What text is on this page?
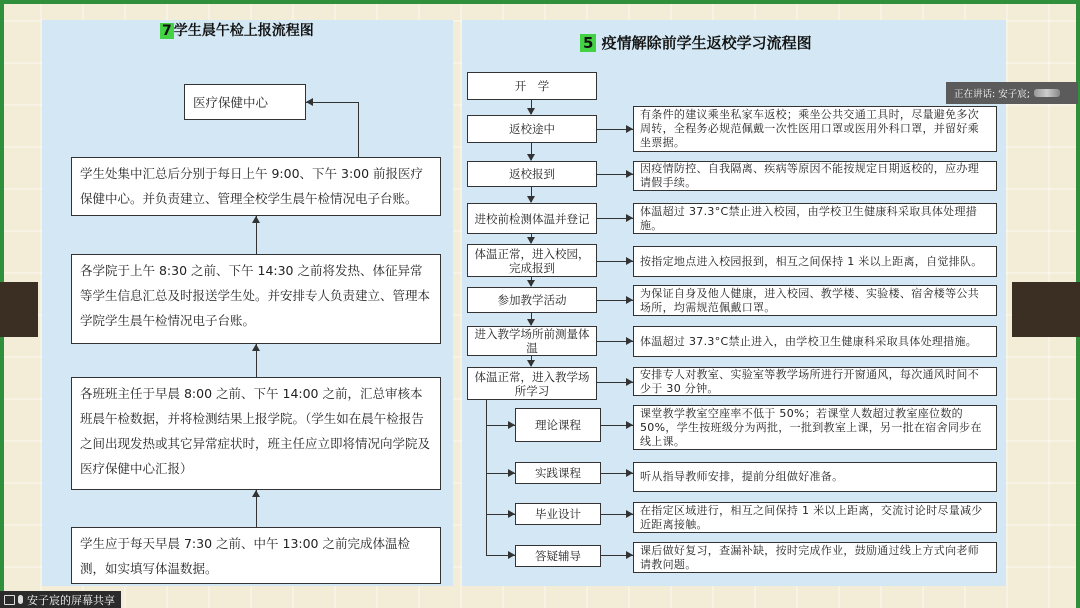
7 学生晨午检上报流程图
医疗保健中心
学生处集中汇总后分别于每日上午 9:00、下午 3:00 前报医疗保健中心。并负责建立、管理全校学生晨午检情况电子台账。
各学院于上午 8:30 之前、下午 14:30 之前将发热、体征异常等学生信息汇总及时报送学生处。并安排专人负责建立、管理本学院学生晨午检情况电子台账。
各班班主任于早晨 8:00 之前、下午 14:00 之前，汇总审核本班晨午检数据，并将检测结果上报学院。（学生如在晨午检报告之间出现发热或其它异常症状时，班主任应立即将情况向学院及医疗保健中心汇报）
学生应于每天早晨 7:30 之前、中午 13:00 之前完成体温检测，如实填写体温数据。
5 疫情解除前学生返校学习流程图
开　学
返校途中
返校报到
进校前检测体温并登记
体温正常，进入校园，完成报到
参加教学活动
进入教学场所前测量体温
体温正常，进入教学场所学习
有条件的建议乘坐私家车返校；乘坐公共交通工具时，尽量避免多次周转，全程务必规范佩戴一次性医用口罩或医用外科口罩，并留好乘坐票据。
因疫情防控、自我隔离、疾病等原因不能按规定日期返校的，应办理请假手续。
体温超过 37.3°C禁止进入校园，由学校卫生健康科采取具体处理措施。
按指定地点进入校园报到，相互之间保持 1 米以上距离，自觉排队。
为保证自身及他人健康，进入校园、教学楼、实验楼、宿舍楼等公共场所，均需规范佩戴口罩。
体温超过 37.3°C禁止进入，由学校卫生健康科采取具体处理措施。
安排专人对教室、实验室等教学场所进行开窗通风，每次通风时间不少于 30 分钟。
理论课程
实践课程
毕业设计
答疑辅导
课堂教学教室空座率不低于 50%；若课堂人数超过教室座位数的 50%，学生按班级分为两批，一批到教室上课，另一批在宿舍同步在线上课。
听从指导教师安排，提前分组做好准备。
在指定区域进行，相互之间保持 1 米以上距离，交流讨论时尽量减少近距离接触。
课后做好复习，查漏补缺，按时完成作业，鼓励通过线上方式向老师请教问题。
正在讲话: 安子宸;
安子宸的屏幕共享
